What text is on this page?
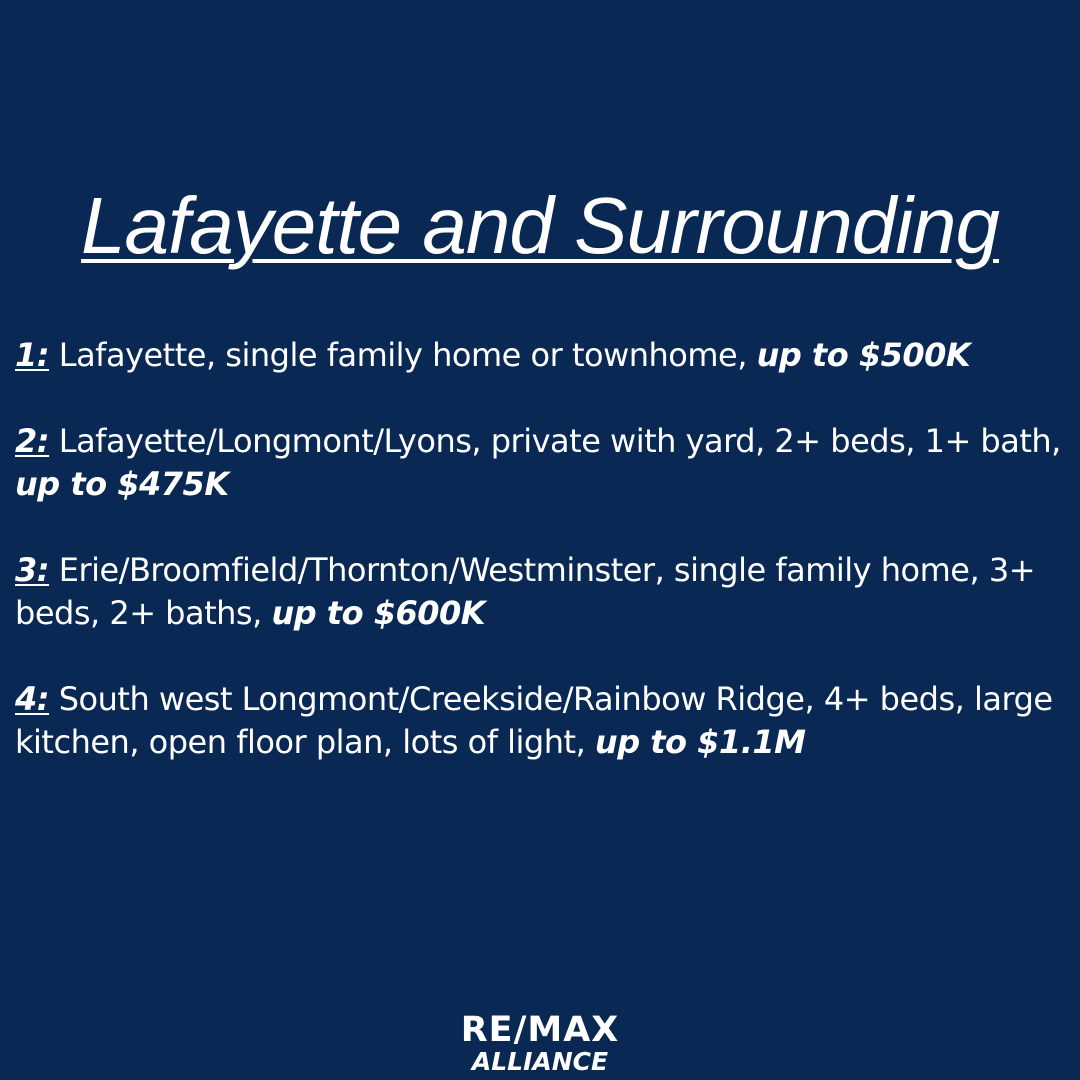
Lafayette and Surrounding

1: Lafayette, single family home or townhome, up to $500K

2: Lafayette/Longmont/Lyons, private with yard, 2+ beds, 1+ bath, up to $475K

3: Erie/Broomfield/Thornton/Westminster, single family home, 3+ beds, 2+ baths, up to $600K

4: South west Longmont/Creekside/Rainbow Ridge, 4+ beds, large kitchen, open floor plan, lots of light, up to $1.1M

RE/MAX
ALLIANCE
